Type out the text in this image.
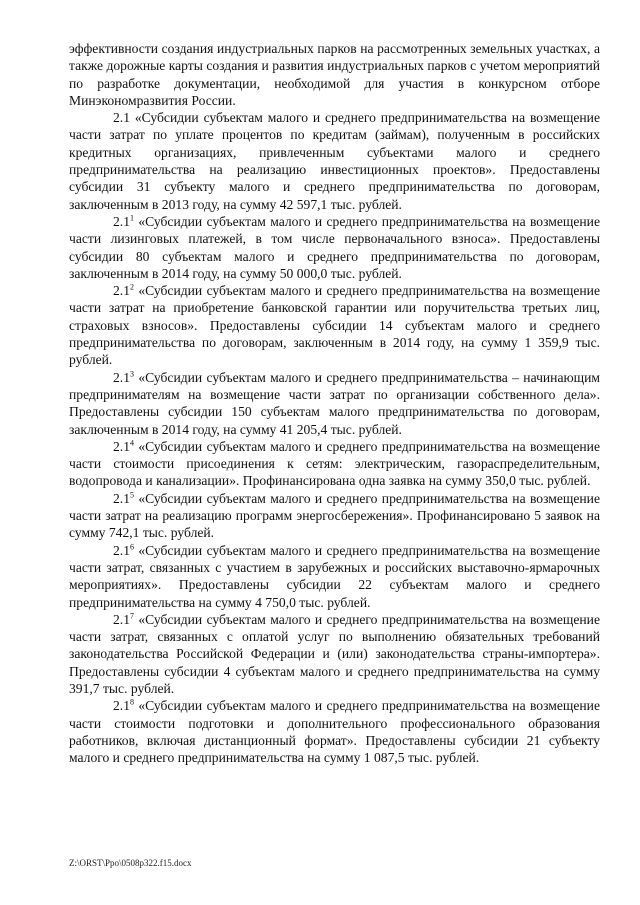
эффективности создания индустриальных парков на рассмотренных земельных участках, а также дорожные карты создания и развития индустриальных парков с учетом мероприятий по разработке документации, необходимой для участия в конкурсном отборе Минэкономразвития России.

2.1 «Субсидии субъектам малого и среднего предпринимательства на возмещение части затрат по уплате процентов по кредитам (займам), полученным в российских кредитных организациях, привлеченным субъектами малого и среднего предпринимательства на реализацию инвестиционных проектов». Предоставлены субсидии 31 субъекту малого и среднего предпринимательства по договорам, заключенным в 2013 году, на сумму 42 597,1 тыс. рублей.

$2.1^1$ «Субсидии субъектам малого и среднего предпринимательства на возмещение части лизинговых платежей, в том числе первоначального взноса». Предоставлены субсидии 80 субъектам малого и среднего предпринимательства по договорам, заключенным в 2014 году, на сумму 50 000,0 тыс. рублей.

$2.1^2$ «Субсидии субъектам малого и среднего предпринимательства на возмещение части затрат на приобретение банковской гарантии или поручительства третьих лиц, страховых взносов». Предоставлены субсидии 14 субъектам малого и среднего предпринимательства по договорам, заключенным в 2014 году, на сумму 1 359,9 тыс. рублей.

$2.1^3$ «Субсидии субъектам малого и среднего предпринимательства – начинающим предпринимателям на возмещение части затрат по организации собственного дела». Предоставлены субсидии 150 субъектам малого предпринимательства по договорам, заключенным в 2014 году, на сумму 41 205,4 тыс. рублей.

$2.1^4$ «Субсидии субъектам малого и среднего предпринимательства на возмещение части стоимости присоединения к сетям: электрическим, газораспределительным, водопровода и канализации». Профинансирована одна заявка на сумму 350,0 тыс. рублей.

$2.1^5$ «Субсидии субъектам малого и среднего предпринимательства на возмещение части затрат на реализацию программ энергосбережения». Профинансировано 5 заявок на сумму 742,1 тыс. рублей.

$2.1^6$ «Субсидии субъектам малого и среднего предпринимательства на возмещение части затрат, связанных с участием в зарубежных и российских выставочно-ярмарочных мероприятиях». Предоставлены субсидии 22 субъектам малого и среднего предпринимательства на сумму 4 750,0 тыс. рублей.

$2.1^7$ «Субсидии субъектам малого и среднего предпринимательства на возмещение части затрат, связанных с оплатой услуг по выполнению обязательных требований законодательства Российской Федерации и (или) законодательства страны-импортера». Предоставлены субсидии 4 субъектам малого и среднего предпринимательства на сумму 391,7 тыс. рублей.

$2.1^8$ «Субсидии субъектам малого и среднего предпринимательства на возмещение части стоимости подготовки и дополнительного профессионального образования работников, включая дистанционный формат». Предоставлены субсидии 21 субъекту малого и среднего предпринимательства на сумму 1 087,5 тыс. рублей.

Z:\ORST\Ppo\0508p322.f15.docx
